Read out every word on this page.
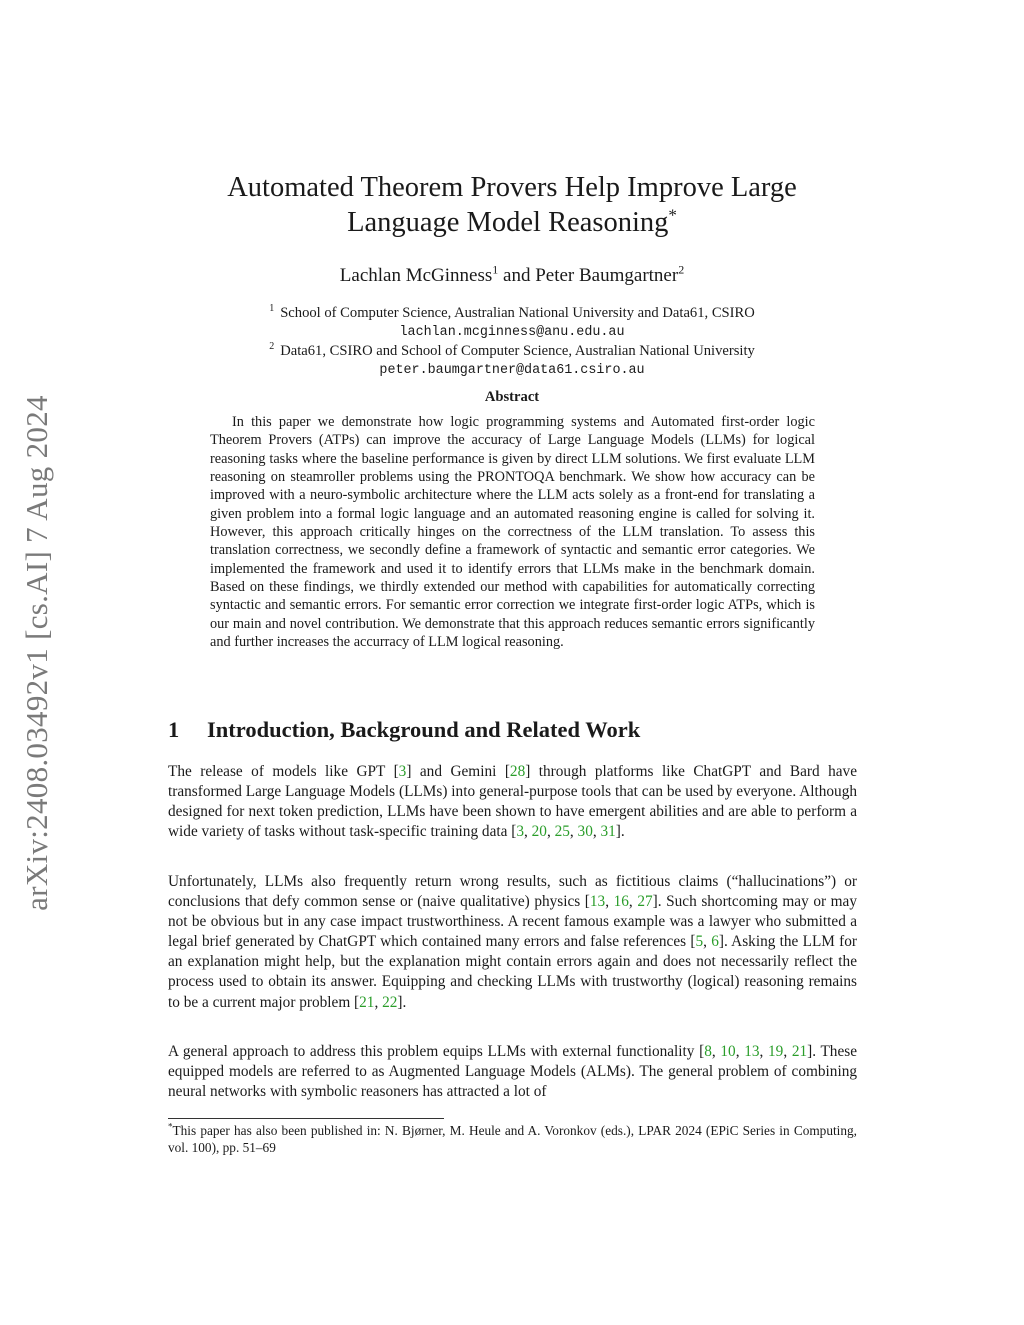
arXiv:2408.03492v1 [cs.AI] 7 Aug 2024
Automated Theorem Provers Help Improve Large
Language Model Reasoning*
Lachlan McGinness$^1$ and Peter Baumgartner$^2$
$^1$ School of Computer Science, Australian National University and Data61, CSIRO
lachlan.mcginness@anu.edu.au
$^2$ Data61, CSIRO and School of Computer Science, Australian National University
peter.baumgartner@data61.csiro.au
Abstract

In this paper we demonstrate how logic programming systems and Automated first-order logic Theorem Provers (ATPs) can improve the accuracy of Large Language Models (LLMs) for logical reasoning tasks where the baseline performance is given by direct LLM solutions. We first evaluate LLM reasoning on steamroller problems using the PRONTOQA benchmark. We show how accuracy can be improved with a neuro-symbolic architecture where the LLM acts solely as a front-end for translating a given problem into a formal logic language and an automated reasoning engine is called for solving it. However, this approach critically hinges on the correctness of the LLM translation. To assess this translation correctness, we secondly define a framework of syntactic and semantic error categories. We implemented the framework and used it to identify errors that LLMs make in the benchmark domain. Based on these findings, we thirdly extended our method with capabilities for automatically correcting syntactic and semantic errors. For semantic error correction we integrate first-order logic ATPs, which is our main and novel contribution. We demonstrate that this approach reduces semantic errors significantly and further increases the accurracy of LLM logical reasoning.

1 Introduction, Background and Related Work

The release of models like GPT [3] and Gemini [28] through platforms like ChatGPT and Bard have transformed Large Language Models (LLMs) into general-purpose tools that can be used by everyone. Although designed for next token prediction, LLMs have been shown to have emergent abilities and are able to perform a wide variety of tasks without task-specific training data [3, 20, 25, 30, 31].

Unfortunately, LLMs also frequently return wrong results, such as fictitious claims (“hallucinations”) or conclusions that defy common sense or (naive qualitative) physics [13, 16, 27]. Such shortcoming may or may not be obvious but in any case impact trustworthiness. A recent famous example was a lawyer who submitted a legal brief generated by ChatGPT which contained many errors and false references [5, 6]. Asking the LLM for an explanation might help, but the explanation might contain errors again and does not necessarily reflect the process used to obtain its answer. Equipping and checking LLMs with trustworthy (logical) reasoning remains to be a current major problem [21, 22].

A general approach to address this problem equips LLMs with external functionality [8, 10, 13, 19, 21]. These equipped models are referred to as Augmented Language Models (ALMs). The general problem of combining neural networks with symbolic reasoners has attracted a lot of

*This paper has also been published in: N. Bjørner, M. Heule and A. Voronkov (eds.), LPAR 2024 (EPiC Series in Computing, vol. 100), pp. 51–69
